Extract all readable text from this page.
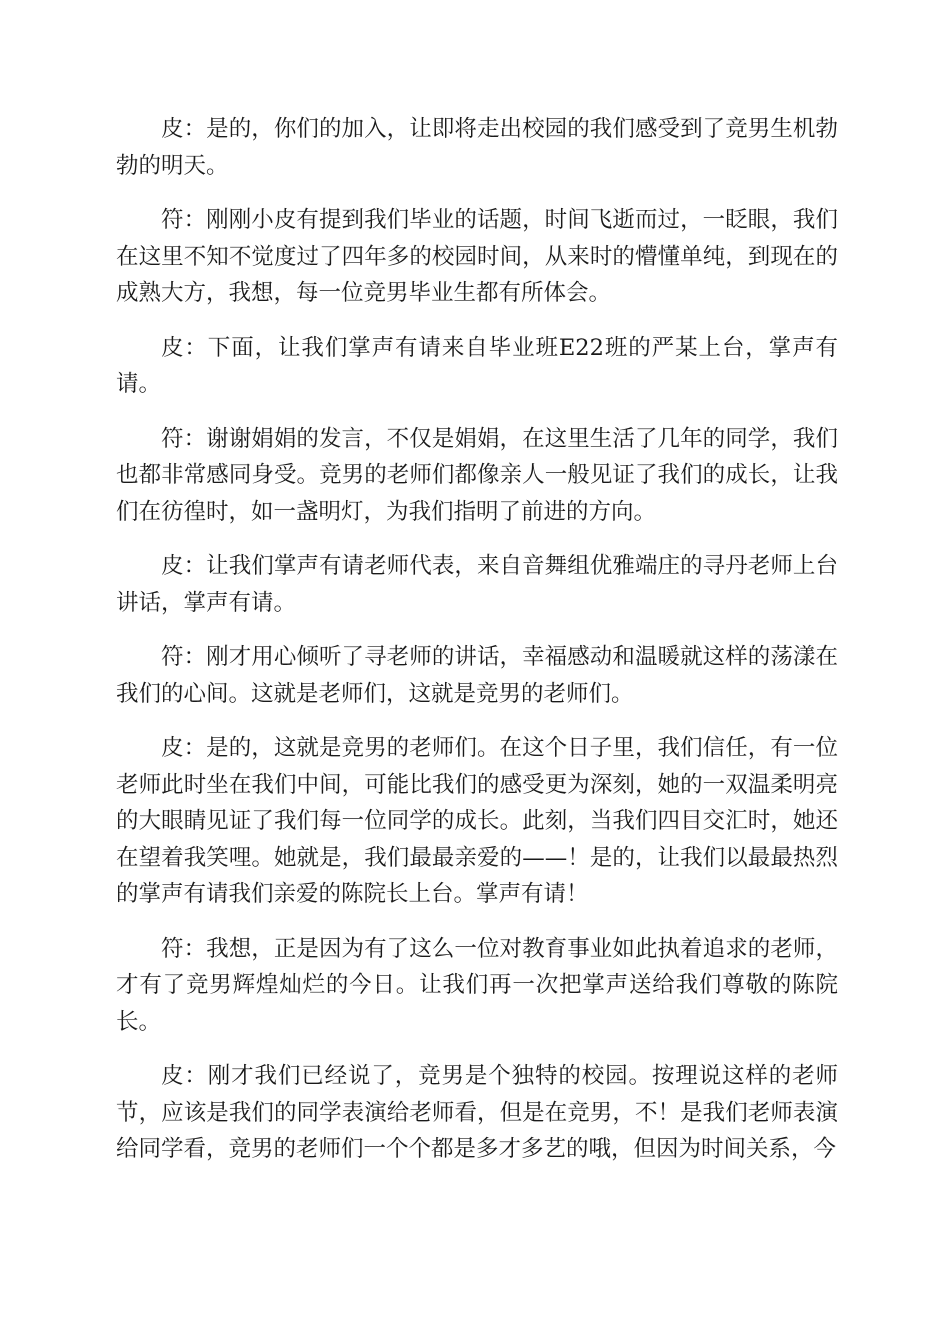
皮：是的，你们的加入，让即将走出校园的我们感受到了竞男生机勃勃的明天。

符：刚刚小皮有提到我们毕业的话题，时间飞逝而过，一眨眼，我们在这里不知不觉度过了四年多的校园时间，从来时的懵懂单纯，到现在的成熟大方，我想，每一位竞男毕业生都有所体会。

皮：下面，让我们掌声有请来自毕业班E22班的严某上台，掌声有请。

符：谢谢娟娟的发言，不仅是娟娟，在这里生活了几年的同学，我们也都非常感同身受。竞男的老师们都像亲人一般见证了我们的成长，让我们在彷徨时，如一盏明灯，为我们指明了前进的方向。

皮：让我们掌声有请老师代表，来自音舞组优雅端庄的寻丹老师上台讲话，掌声有请。

符：刚才用心倾听了寻老师的讲话，幸福感动和温暖就这样的荡漾在我们的心间。这就是老师们，这就是竞男的老师们。

皮：是的，这就是竞男的老师们。在这个日子里，我们信任，有一位老师此时坐在我们中间，可能比我们的感受更为深刻，她的一双温柔明亮的大眼睛见证了我们每一位同学的成长。此刻，当我们四目交汇时，她还在望着我笑哩。她就是，我们最最亲爱的——！是的，让我们以最最热烈的掌声有请我们亲爱的陈院长上台。掌声有请！

符：我想，正是因为有了这么一位对教育事业如此执着追求的老师，才有了竞男辉煌灿烂的今日。让我们再一次把掌声送给我们尊敬的陈院长。

皮：刚才我们已经说了，竞男是个独特的校园。按理说这样的老师节，应该是我们的同学表演给老师看，但是在竞男，不！是我们老师表演给同学看，竞男的老师们一个个都是多才多艺的哦，但因为时间关系，今
